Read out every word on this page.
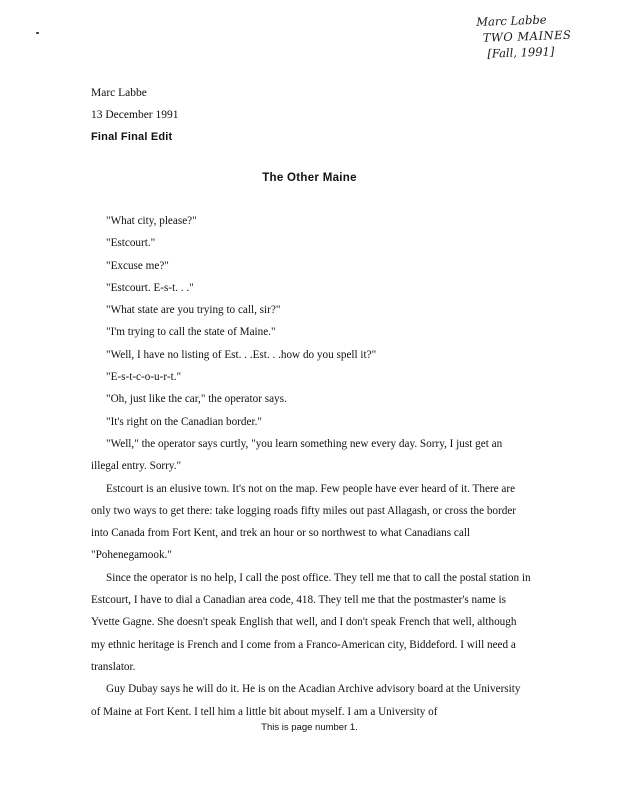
Marc Labbe
TWO MAINES
[Fall, 1991]
Marc Labbe
13 December 1991
Final Final Edit
The Other Maine

"What city, please?"

"Estcourt."

"Excuse me?"

"Estcourt. E-s-t. . ."

"What state are you trying to call, sir?"

"I'm trying to call the state of Maine."

"Well, I have no listing of Est. . .Est. . .how do you spell it?"

"E-s-t-c-o-u-r-t."

"Oh, just like the car," the operator says.

"It's right on the Canadian border."

"Well," the operator says curtly, "you learn something new every day. Sorry, I just get an illegal entry. Sorry."

Estcourt is an elusive town. It's not on the map. Few people have ever heard of it. There are only two ways to get there: take logging roads fifty miles out past Allagash, or cross the border into Canada from Fort Kent, and trek an hour or so northwest to what Canadians call "Pohenegamook."

Since the operator is no help, I call the post office. They tell me that to call the postal station in Estcourt, I have to dial a Canadian area code, 418. They tell me that the postmaster's name is Yvette Gagne. She doesn't speak English that well, and I don't speak French that well, although my ethnic heritage is French and I come from a Franco-American city, Biddeford. I will need a translator.

Guy Dubay says he will do it. He is on the Acadian Archive advisory board at the University of Maine at Fort Kent. I tell him a little bit about myself. I am a University of

This is page number 1.
